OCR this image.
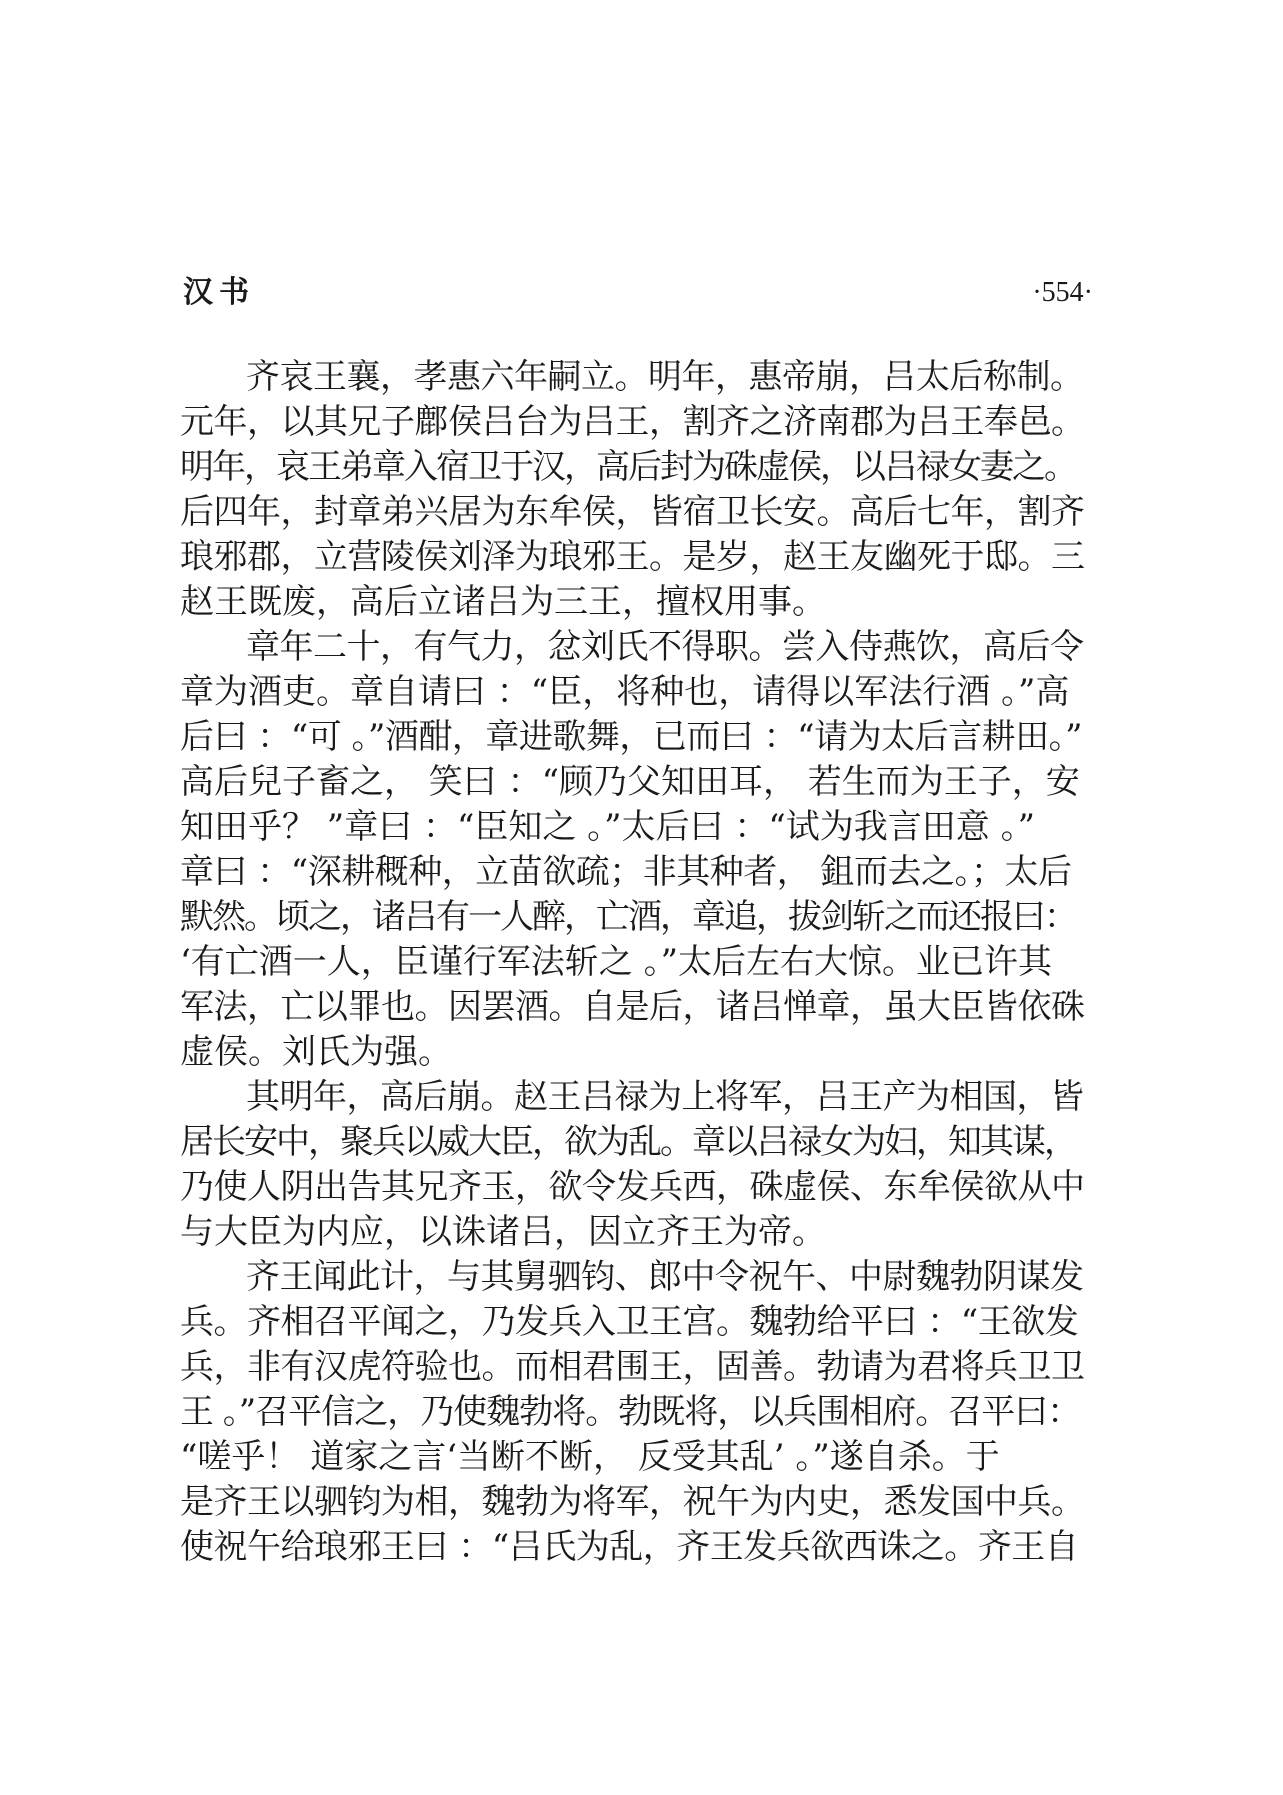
汉书	·554·
齐哀王襄，孝惠六年嗣立。明年，惠帝崩，吕太后称制。
元年，以其兄子鄜侯吕台为吕王，割齐之济南郡为吕王奉邑。
明年，哀王弟章入宿卫于汉，高后封为硃虚侯，以吕禄女妻之。
后四年，封章弟兴居为东牟侯，皆宿卫长安。高后七年，割齐
琅邪郡，立营陵侯刘泽为琅邪王。是岁，赵王友幽死于邸。三
赵王既废，高后立诸吕为三王，擅权用事。
章年二十，有气力，忿刘氏不得职。尝入侍燕饮，高后令
章为酒吏。章自请曰 ：“臣，将种也，请得以军法行酒 。”高
后曰 ：“可 。”酒酣，章进歌舞，已而曰 ：“请为太后言耕田。”
高后兒子畜之， 笑曰 ：“顾乃父知田耳， 若生而为王子，安
知田乎？ ”章曰 ：“臣知之 。”太后曰 ：“试为我言田意 。”
章曰 ：“深耕穊种，立苗欲疏；非其种者， 鉏而去之。；太后
默然。顷之，诸吕有一人醉，亡酒，章追，拔剑斩之而还报曰：
‘有亡酒一人，臣谨行军法斩之 。”太后左右大惊。业已许其
军法，亡以罪也。因罢酒。自是后，诸吕惮章，虽大臣皆依硃
虚侯。刘氏为强。
其明年，高后崩。赵王吕禄为上将军，吕王产为相国，皆
居长安中，聚兵以威大臣，欲为乱。章以吕禄女为妇，知其谋，
乃使人阴出告其兄齐玉，欲令发兵西，硃虚侯、东牟侯欲从中
与大臣为内应，以诛诸吕，因立齐王为帝。
齐王闻此计，与其舅驷钧、郎中令祝午、中尉魏勃阴谋发
兵。齐相召平闻之，乃发兵入卫王宫。魏勃给平曰 ：“王欲发
兵，非有汉虎符验也。而相君围王，固善。勃请为君将兵卫卫
王 。”召平信之，乃使魏勃将。勃既将，以兵围相府。召平曰：
“嗟乎！ 道家之言‘当断不断， 反受其乱’ 。”遂自杀。于
是齐王以驷钧为相，魏勃为将军，祝午为内史，悉发国中兵。
使祝午给琅邪王曰 ：“吕氏为乱，齐王发兵欲西诛之。齐王自
